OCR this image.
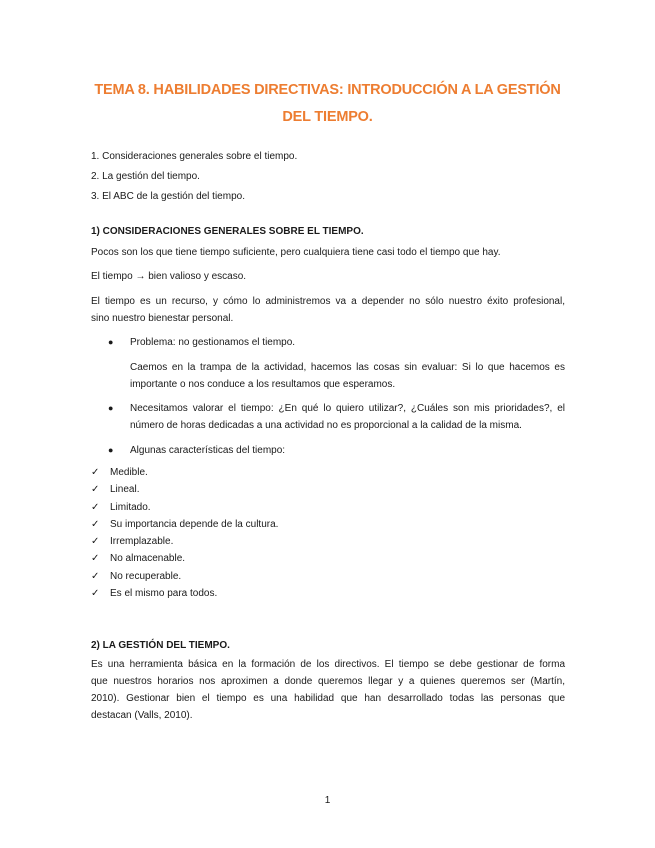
TEMA 8. HABILIDADES DIRECTIVAS: INTRODUCCIÓN A LA GESTIÓN
DEL TIEMPO.
1. Consideraciones generales sobre el tiempo.
2. La gestión del tiempo.
3. El ABC de la gestión del tiempo.
1) CONSIDERACIONES GENERALES SOBRE EL TIEMPO.
Pocos son los que tiene tiempo suficiente, pero cualquiera tiene casi todo el tiempo que hay.
El tiempo → bien valioso y escaso.
El tiempo es un recurso, y cómo lo administremos va a depender no sólo nuestro éxito profesional,
sino nuestro bienestar personal.
● Problema: no gestionamos el tiempo.
Caemos en la trampa de la actividad, hacemos las cosas sin evaluar: Si lo que hacemos es
importante o nos conduce a los resultamos que esperamos.
● Necesitamos valorar el tiempo: ¿En qué lo quiero utilizar?, ¿Cuáles son mis prioridades?, el
número de horas dedicadas a una actividad no es proporcional a la calidad de la misma.
● Algunas características del tiempo:
✓ Medible.
✓ Lineal.
✓ Limitado.
✓ Su importancia depende de la cultura.
✓ Irremplazable.
✓ No almacenable.
✓ No recuperable.
✓ Es el mismo para todos.
2) LA GESTIÓN DEL TIEMPO.
Es una herramienta básica en la formación de los directivos. El tiempo se debe gestionar de forma
que nuestros horarios nos aproximen a donde queremos llegar y a quienes queremos ser (Martín,
2010). Gestionar bien el tiempo es una habilidad que han desarrollado todas las personas que
destacan (Valls, 2010).
1
